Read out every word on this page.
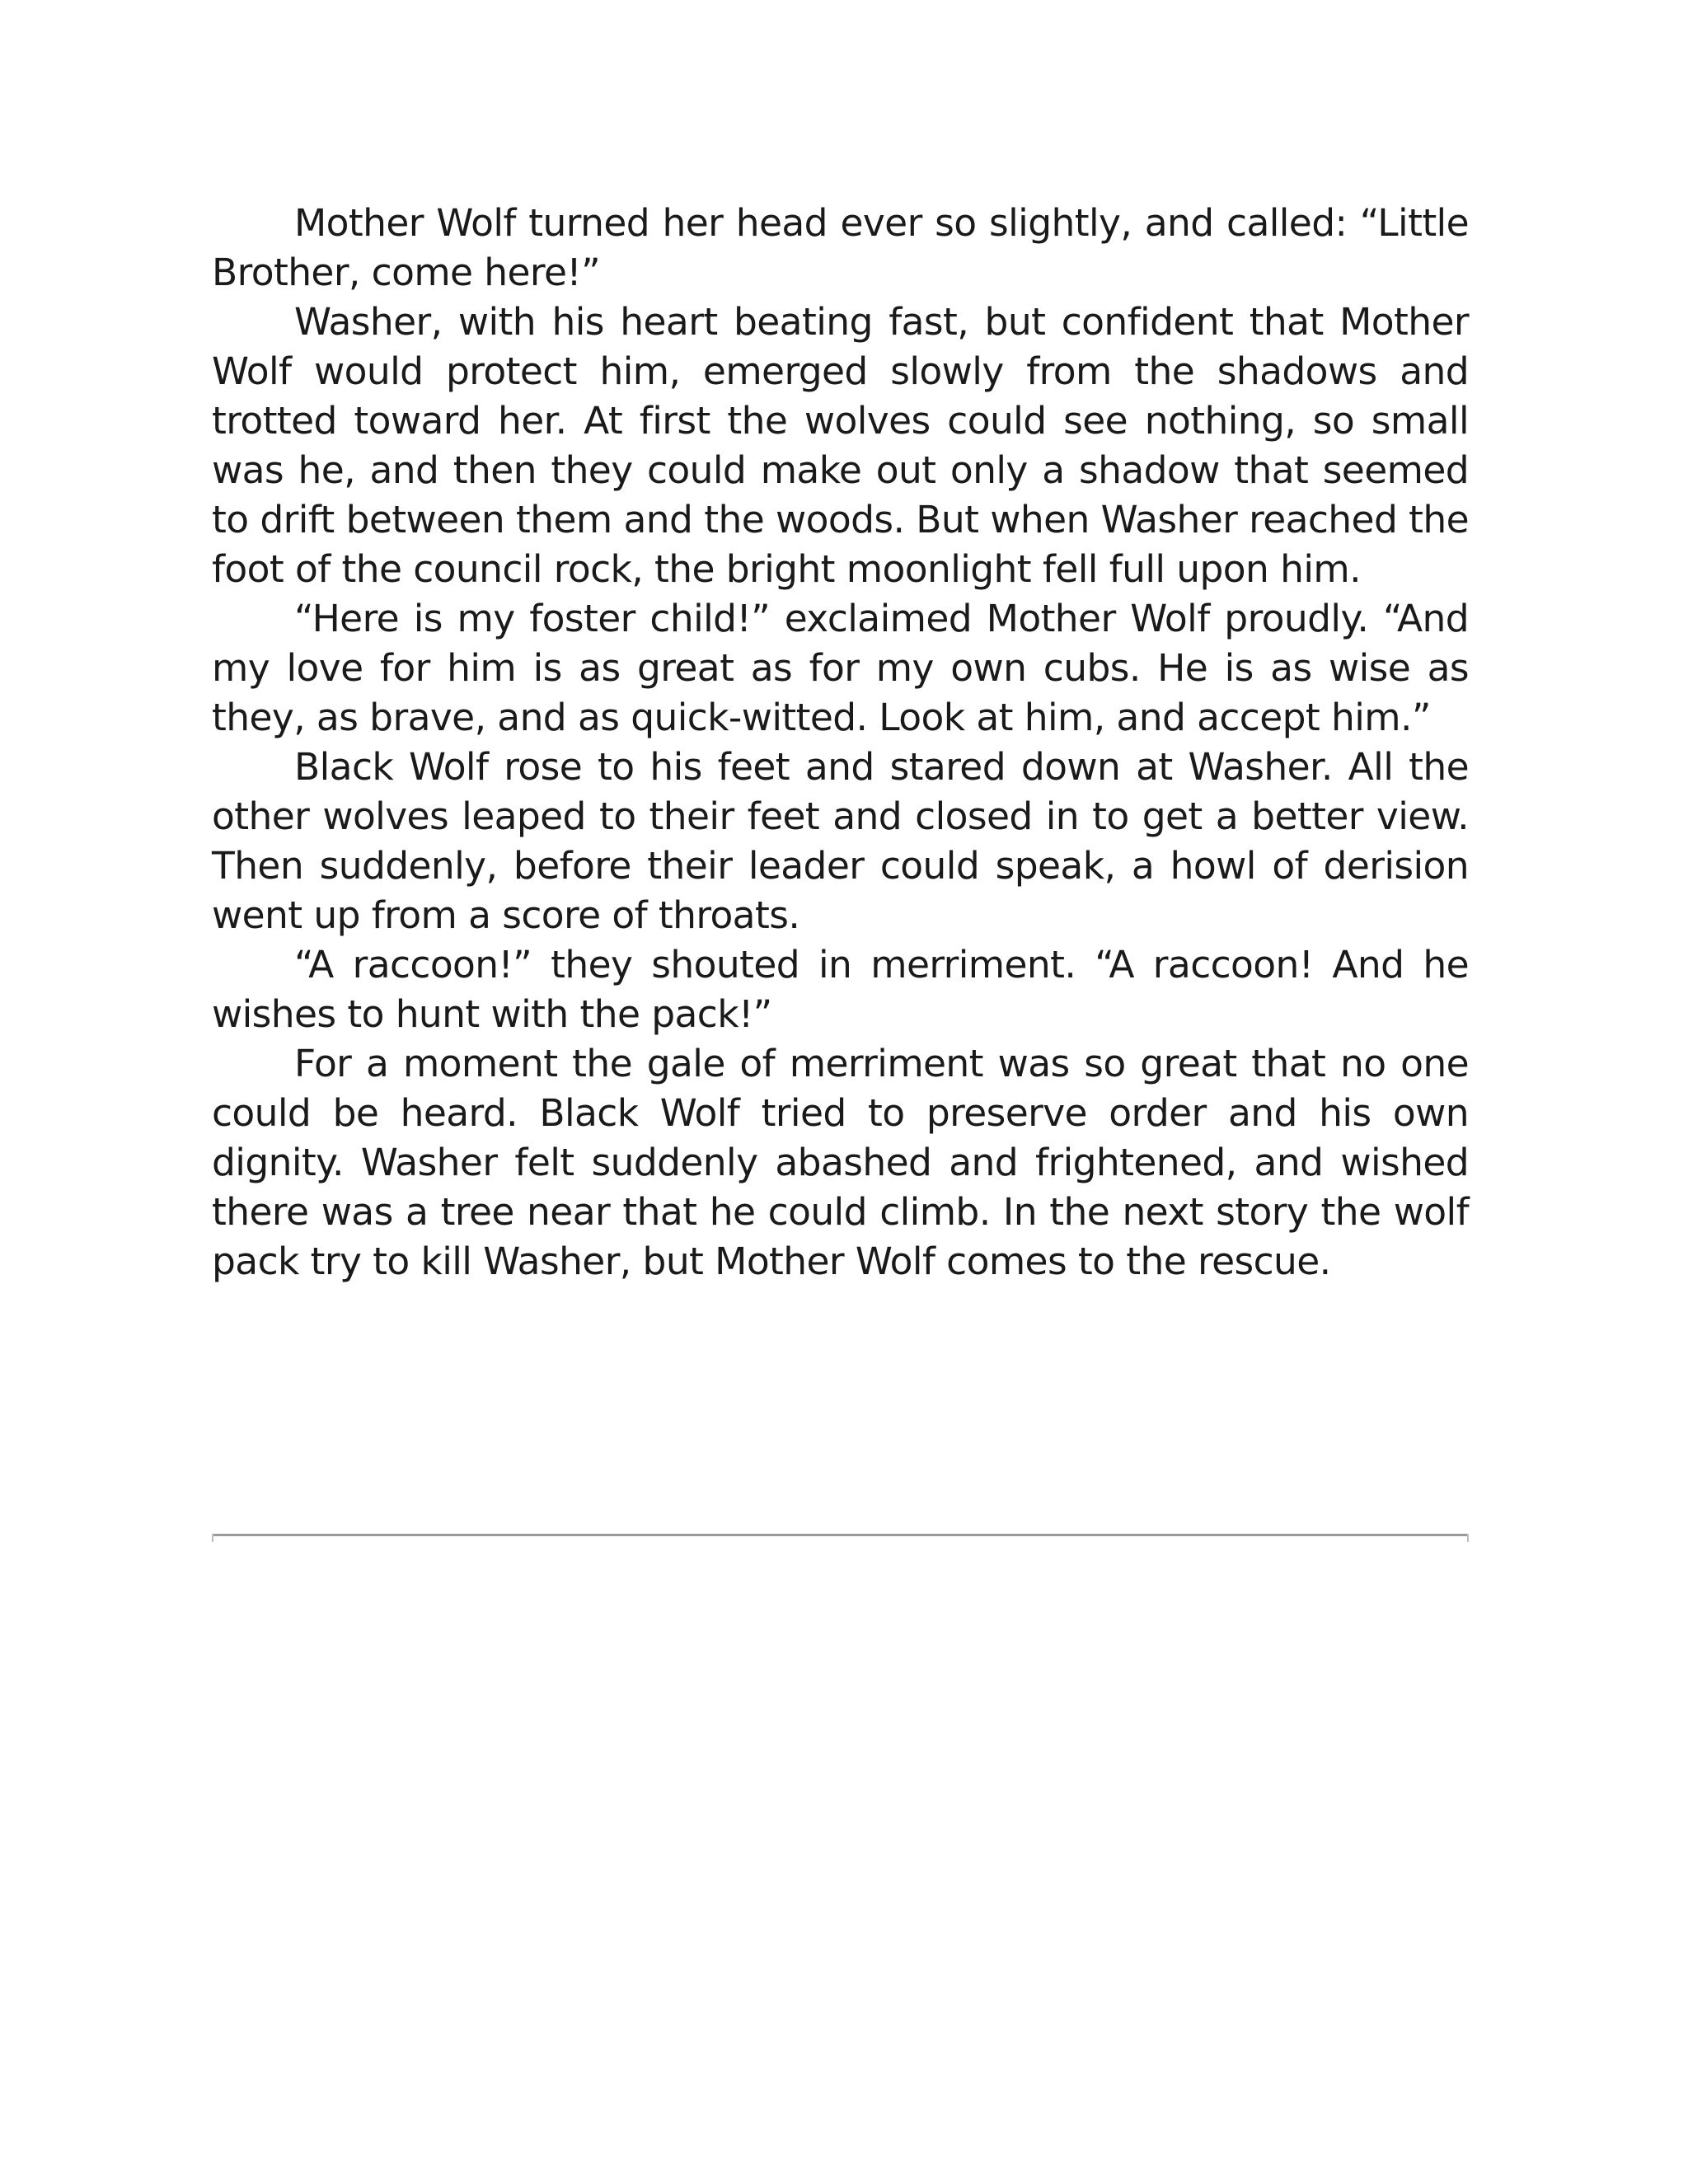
Mother Wolf turned her head ever so slightly, and called: “Little Brother, come here!”

Washer, with his heart beating fast, but confident that Mother Wolf would protect him, emerged slowly from the shadows and trotted toward her. At first the wolves could see nothing, so small was he, and then they could make out only a shadow that seemed to drift between them and the woods. But when Washer reached the foot of the council rock, the bright moonlight fell full upon him.

“Here is my foster child!” exclaimed Mother Wolf proudly. “And my love for him is as great as for my own cubs. He is as wise as they, as brave, and as quick-witted. Look at him, and accept him.”

Black Wolf rose to his feet and stared down at Washer. All the other wolves leaped to their feet and closed in to get a better view. Then suddenly, before their leader could speak, a howl of derision went up from a score of throats.

“A raccoon!” they shouted in merriment. “A raccoon! And he wishes to hunt with the pack!”

For a moment the gale of merriment was so great that no one could be heard. Black Wolf tried to preserve order and his own dignity. Washer felt suddenly abashed and frightened, and wished there was a tree near that he could climb. In the next story the wolf pack try to kill Washer, but Mother Wolf comes to the rescue.
